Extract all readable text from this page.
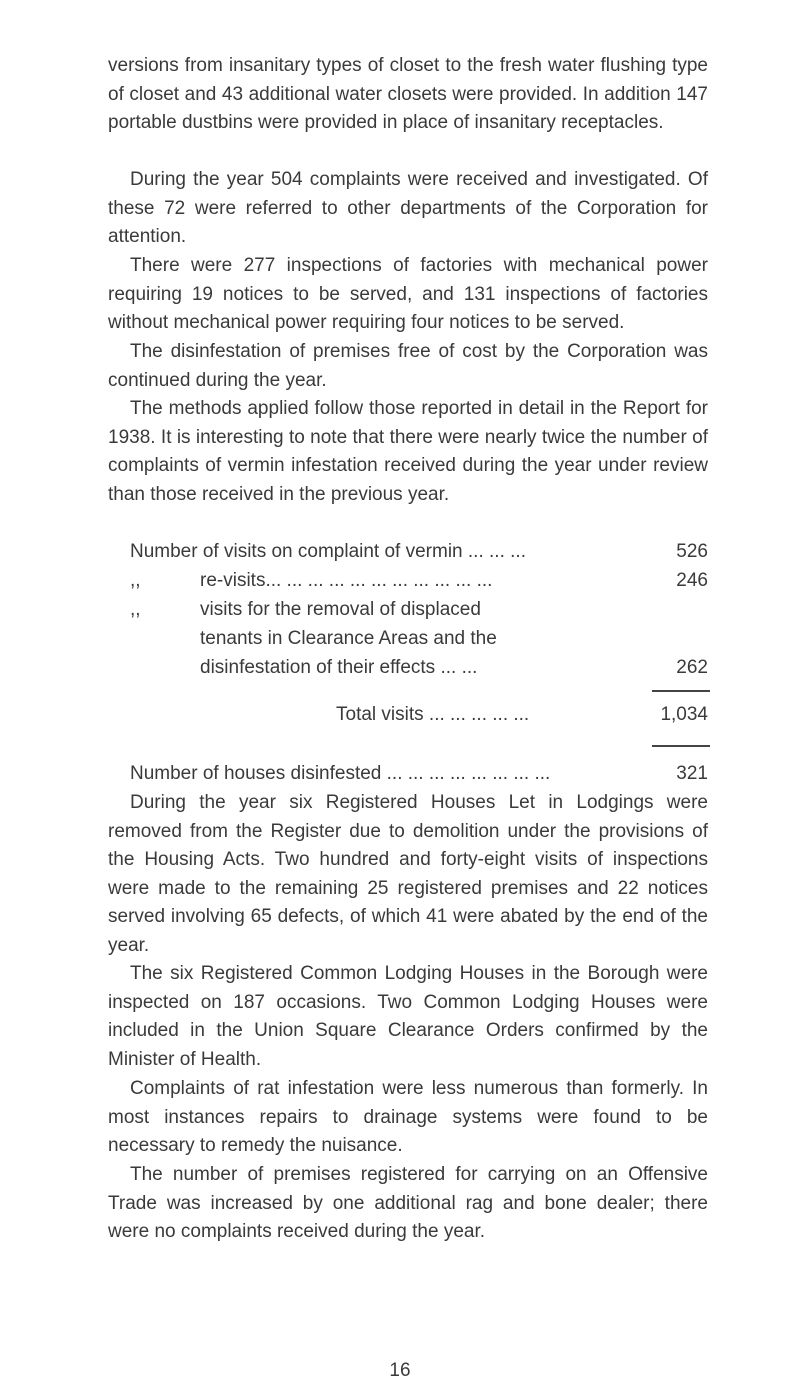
versions from insanitary types of closet to the fresh water flushing type of closet and 43 additional water closets were provided. In addition 147 portable dustbins were provided in place of insanitary receptacles.

During the year 504 complaints were received and investigated. Of these 72 were referred to other departments of the Corporation for attention.

There were 277 inspections of factories with mechanical power requiring 19 notices to be served, and 131 inspections of factories without mechanical power requiring four notices to be served.

The disinfestation of premises free of cost by the Corporation was continued during the year.

The methods applied follow those reported in detail in the Report for 1938. It is interesting to note that there were nearly twice the number of complaints of vermin infestation received during the year under review than those received in the previous year.

Number of visits on complaint of vermin ... ... ...	526
,,	re-visits... ... ... ... ... ... ... ... ... ... ...	246
,,	visits for the removal of displaced
tenants in Clearance Areas and the
disinfestation of their effects ... ...	262
Total visits ... ... ... ... ...	1,034
Number of houses disinfested ... ... ... ... ... ... ... ...	321

During the year six Registered Houses Let in Lodgings were removed from the Register due to demolition under the provisions of the Housing Acts. Two hundred and forty-eight visits of inspections were made to the remaining 25 registered premises and 22 notices served involving 65 defects, of which 41 were abated by the end of the year.

The six Registered Common Lodging Houses in the Borough were inspected on 187 occasions. Two Common Lodging Houses were included in the Union Square Clearance Orders confirmed by the Minister of Health.

Complaints of rat infestation were less numerous than formerly. In most instances repairs to drainage systems were found to be necessary to remedy the nuisance.

The number of premises registered for carrying on an Offensive Trade was increased by one additional rag and bone dealer; there were no complaints received during the year.

16
